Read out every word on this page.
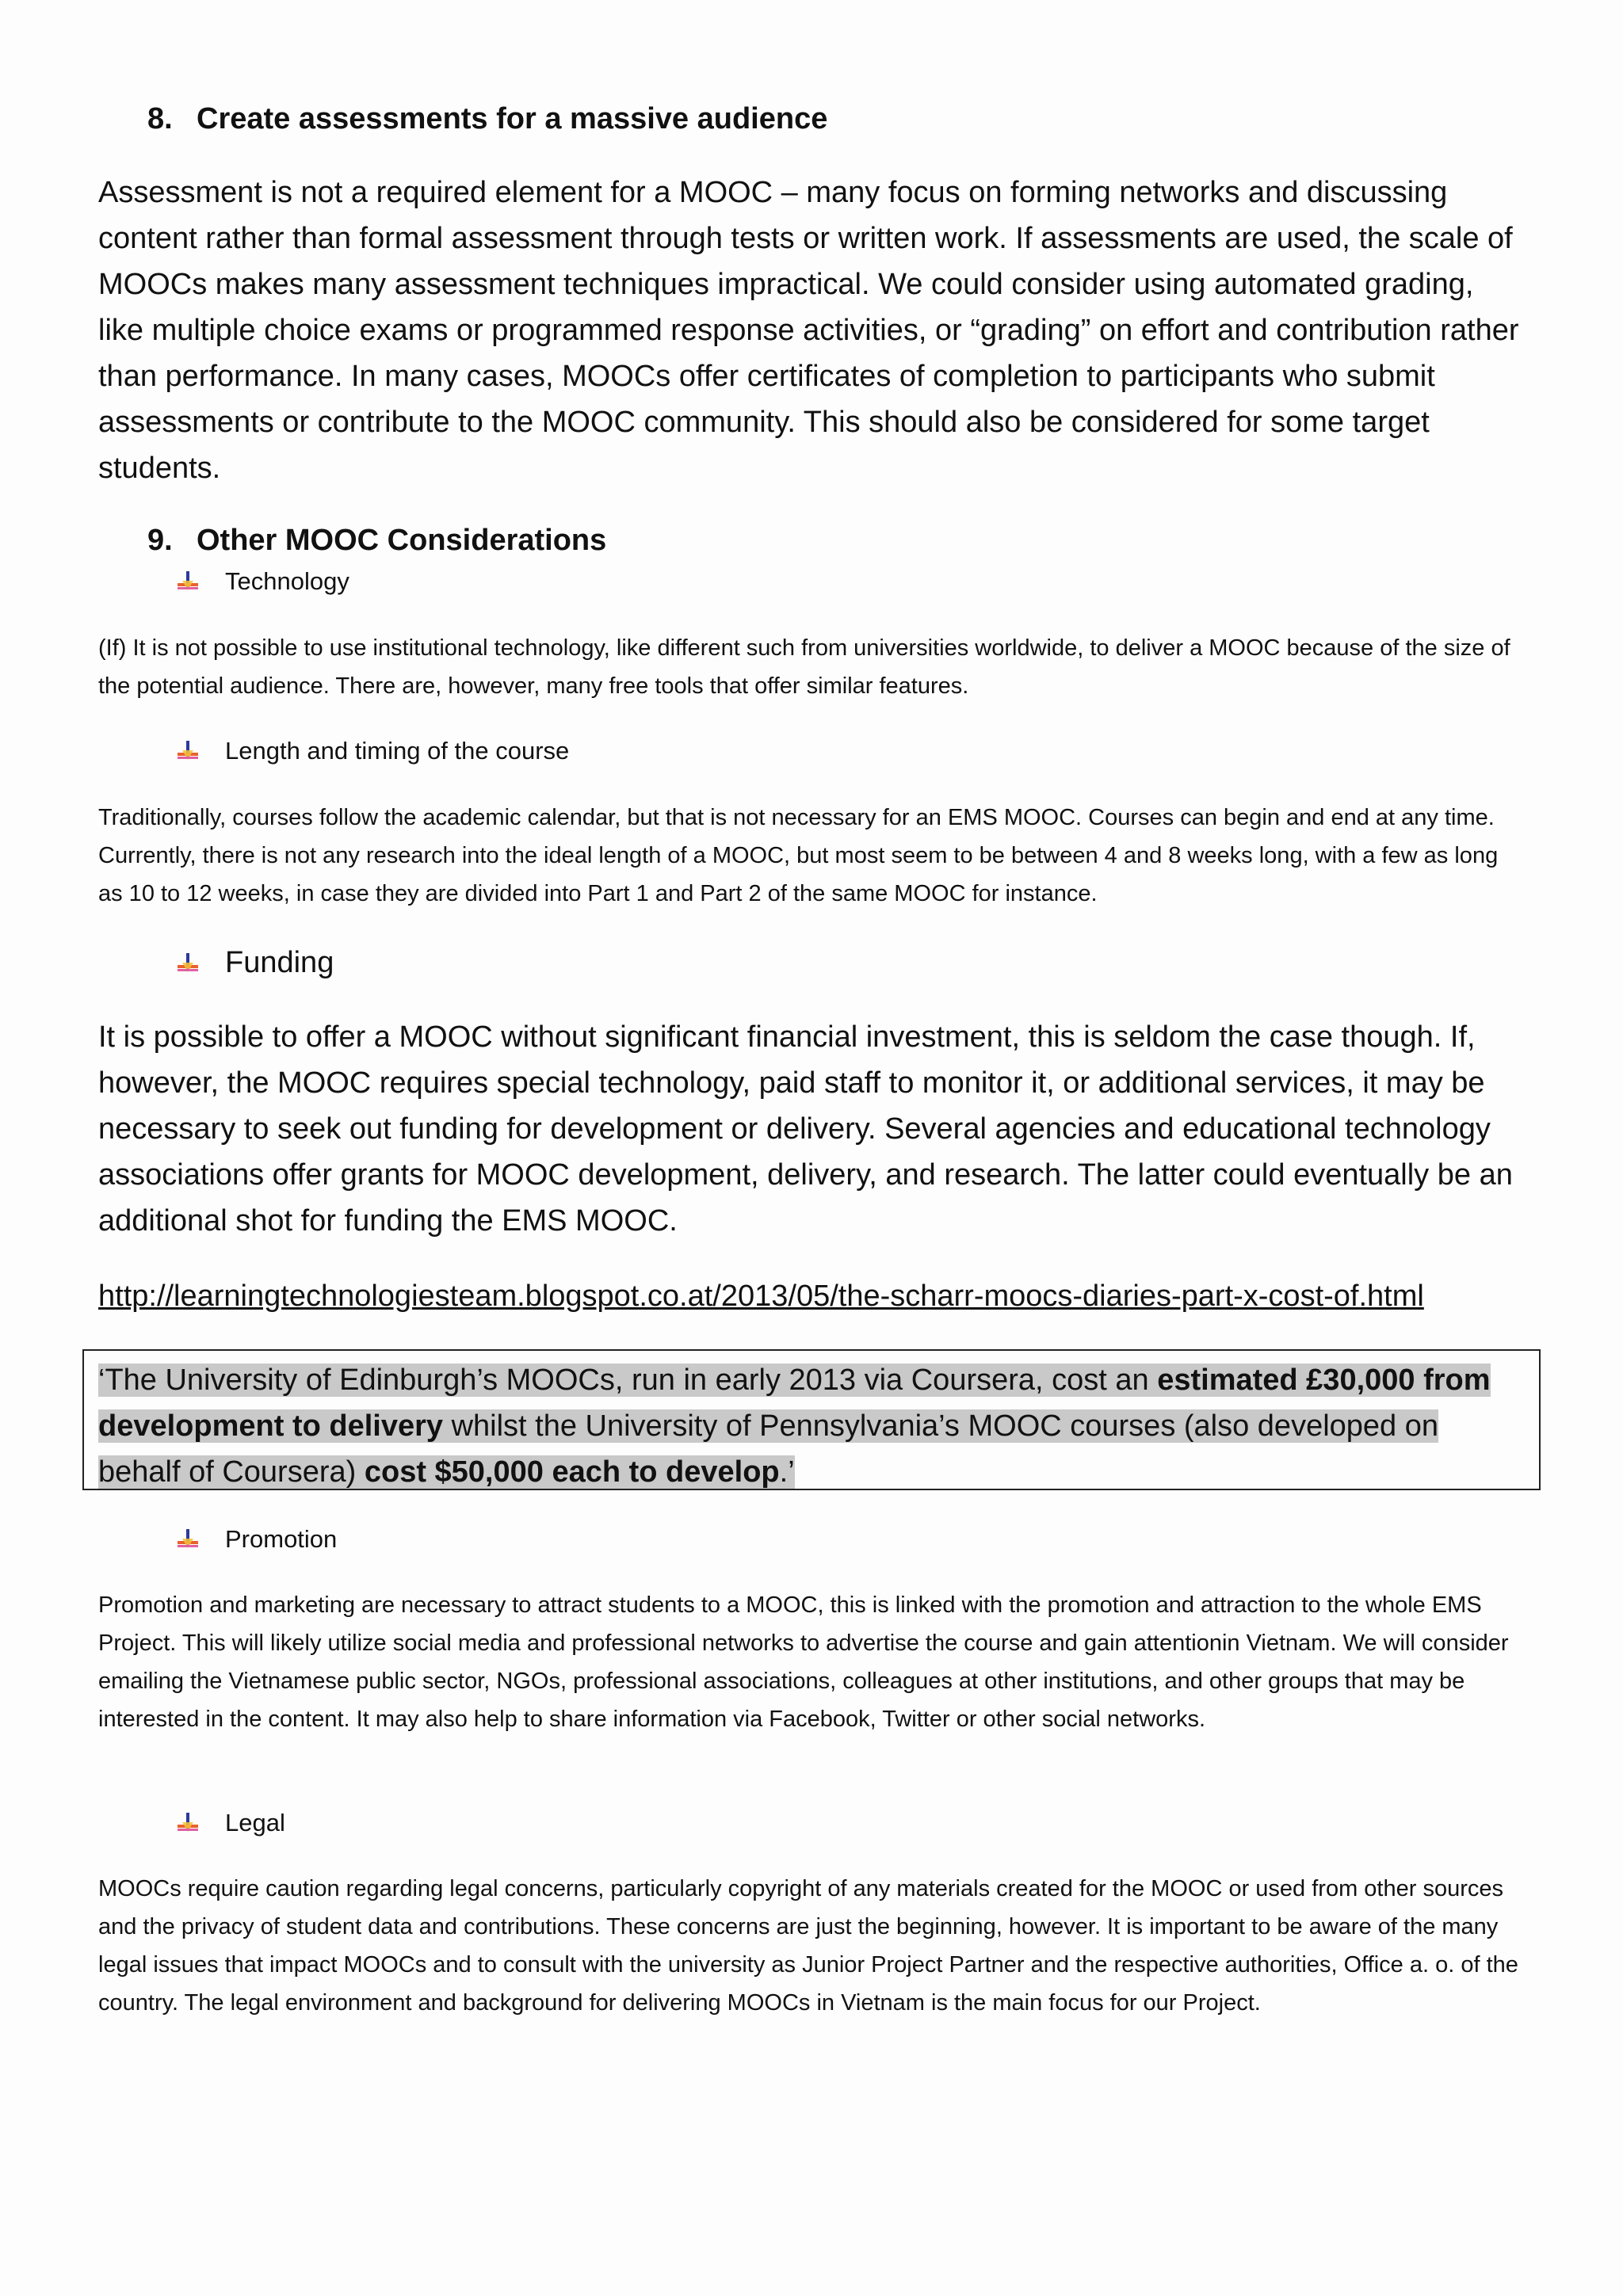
8. Create assessments for a massive audience

Assessment is not a required element for a MOOC – many focus on forming networks and discussing content rather than formal assessment through tests or written work. If assessments are used, the scale of MOOCs makes many assessment techniques impractical. We could consider using automated grading, like multiple choice exams or programmed response activities, or “grading” on effort and contribution rather than performance. In many cases, MOOCs offer certificates of completion to participants who submit assessments or contribute to the MOOC community. This should also be considered for some target students.

9. Other MOOC Considerations
Technology

(If) It is not possible to use institutional technology, like different such from universities worldwide, to deliver a MOOC because of the size of the potential audience. There are, however, many free tools that offer similar features.

Length and timing of the course

Traditionally, courses follow the academic calendar, but that is not necessary for an EMS MOOC. Courses can begin and end at any time. Currently, there is not any research into the ideal length of a MOOC, but most seem to be between 4 and 8 weeks long, with a few as long as 10 to 12 weeks, in case they are divided into Part 1 and Part 2 of the same MOOC for instance.

Funding

It is possible to offer a MOOC without significant financial investment, this is seldom the case though. If, however, the MOOC requires special technology, paid staff to monitor it, or additional services, it may be necessary to seek out funding for development or delivery. Several agencies and educational technology associations offer grants for MOOC development, delivery, and research. The latter could eventually be an additional shot for funding the EMS MOOC.

http://learningtechnologiesteam.blogspot.co.at/2013/05/the-scharr-moocs-diaries-part-x-cost-of.html
‘The University of Edinburgh’s MOOCs, run in early 2013 via Coursera, cost an estimated £30,000 from development to delivery whilst the University of Pennsylvania’s MOOC courses (also developed on behalf of Coursera) cost $50,000 each to develop.’
Promotion

Promotion and marketing are necessary to attract students to a MOOC, this is linked with the promotion and attraction to the whole EMS Project. This will likely utilize social media and professional networks to advertise the course and gain attentionin Vietnam. We will consider emailing the Vietnamese public sector, NGOs, professional associations, colleagues at other institutions, and other groups that may be interested in the content. It may also help to share information via Facebook, Twitter or other social networks.

Legal

MOOCs require caution regarding legal concerns, particularly copyright of any materials created for the MOOC or used from other sources and the privacy of student data and contributions. These concerns are just the beginning, however. It is important to be aware of the many legal issues that impact MOOCs and to consult with the university as Junior Project Partner and the respective authorities, Office a. o. of the country. The legal environment and background for delivering MOOCs in Vietnam is the main focus for our Project.
